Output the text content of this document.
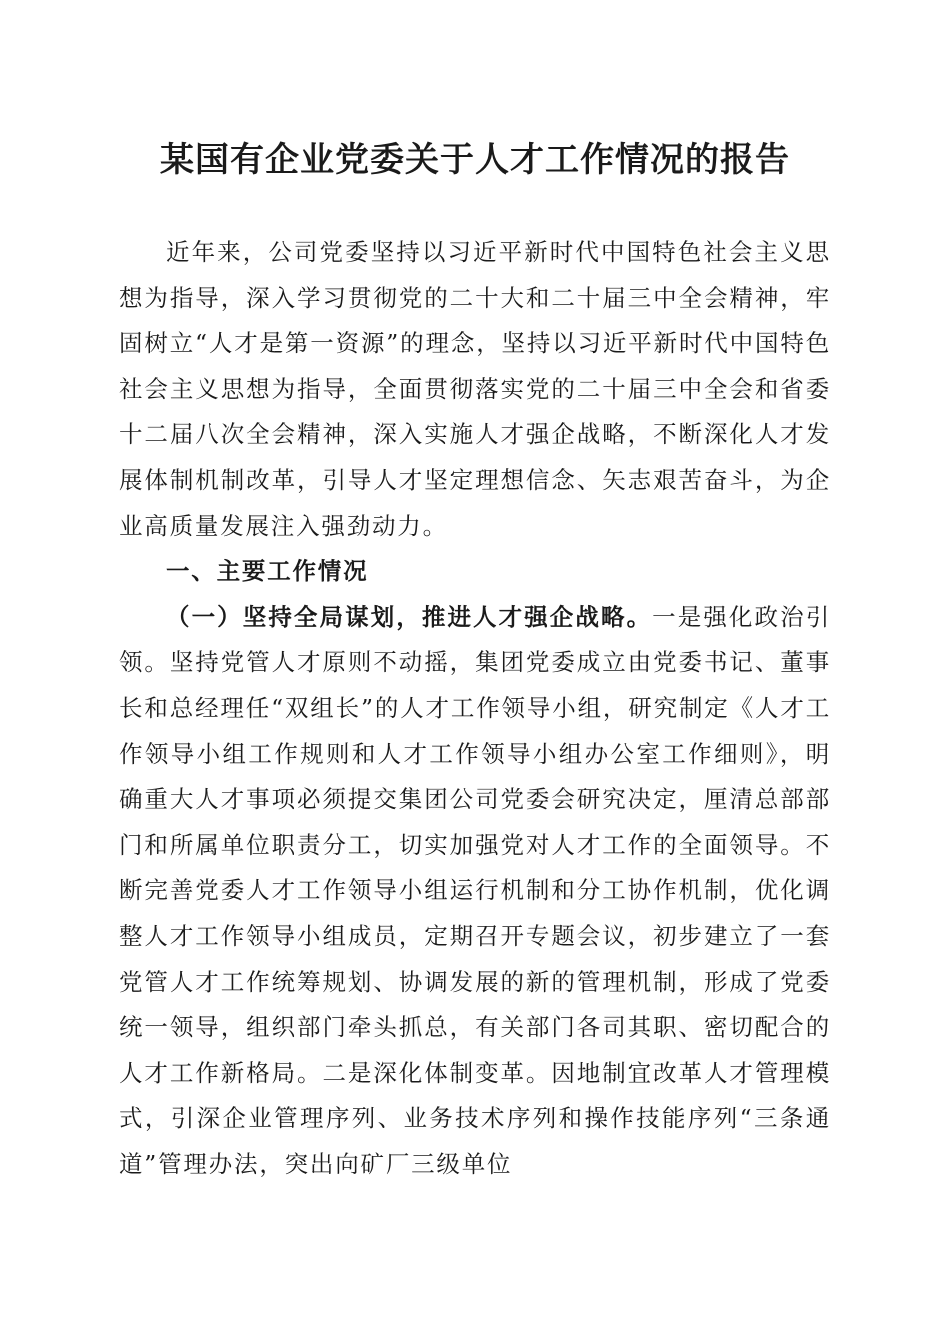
某国有企业党委关于人才工作情况的报告

近年来，公司党委坚持以习近平新时代中国特色社会主义思想为指导，深入学习贯彻党的二十大和二十届三中全会精神，牢固树立“人才是第一资源”的理念，坚持以习近平新时代中国特色社会主义思想为指导，全面贯彻落实党的二十届三中全会和省委十二届八次全会精神，深入实施人才强企战略，不断深化人才发展体制机制改革，引导人才坚定理想信念、矢志艰苦奋斗，为企业高质量发展注入强劲动力。

一、主要工作情况

（一）坚持全局谋划，推进人才强企战略。一是强化政治引领。坚持党管人才原则不动摇，集团党委成立由党委书记、董事长和总经理任“双组长”的人才工作领导小组，研究制定《人才工作领导小组工作规则和人才工作领导小组办公室工作细则》，明确重大人才事项必须提交集团公司党委会研究决定，厘清总部部门和所属单位职责分工，切实加强党对人才工作的全面领导。不断完善党委人才工作领导小组运行机制和分工协作机制，优化调整人才工作领导小组成员，定期召开专题会议，初步建立了一套党管人才工作统筹规划、协调发展的新的管理机制，形成了党委统一领导，组织部门牵头抓总，有关部门各司其职、密切配合的人才工作新格局。二是深化体制变革。因地制宜改革人才管理模式，引深企业管理序列、业务技术序列和操作技能序列“三条通道”管理办法，突出向矿厂三级单位
